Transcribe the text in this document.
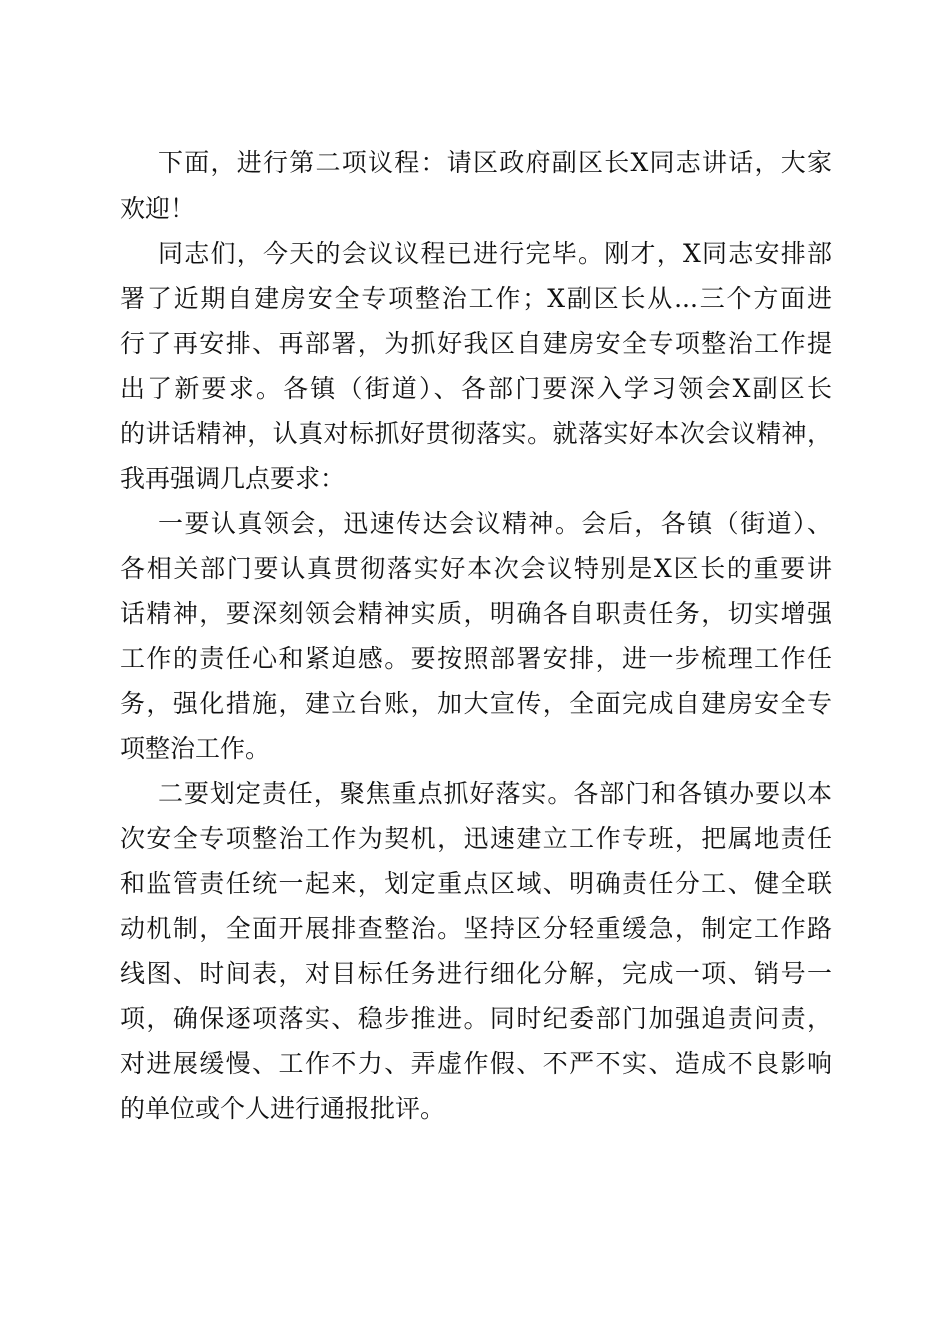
下面，进行第二项议程：请区政府副区长X同志讲话，大家
欢迎！
同志们，今天的会议议程已进行完毕。刚才，X同志安排部
署了近期自建房安全专项整治工作；X副区长从...三个方面进
行了再安排、再部署，为抓好我区自建房安全专项整治工作提
出了新要求。各镇（街道）、各部门要深入学习领会X副区长
的讲话精神，认真对标抓好贯彻落实。就落实好本次会议精神，
我再强调几点要求：
一要认真领会，迅速传达会议精神。会后，各镇（街道）、
各相关部门要认真贯彻落实好本次会议特别是X区长的重要讲
话精神，要深刻领会精神实质，明确各自职责任务，切实增强
工作的责任心和紧迫感。要按照部署安排，进一步梳理工作任
务，强化措施，建立台账，加大宣传，全面完成自建房安全专
项整治工作。
二要划定责任，聚焦重点抓好落实。各部门和各镇办要以本
次安全专项整治工作为契机，迅速建立工作专班，把属地责任
和监管责任统一起来，划定重点区域、明确责任分工、健全联
动机制，全面开展排查整治。坚持区分轻重缓急，制定工作路
线图、时间表，对目标任务进行细化分解，完成一项、销号一
项，确保逐项落实、稳步推进。同时纪委部门加强追责问责，
对进展缓慢、工作不力、弄虚作假、不严不实、造成不良影响
的单位或个人进行通报批评。
